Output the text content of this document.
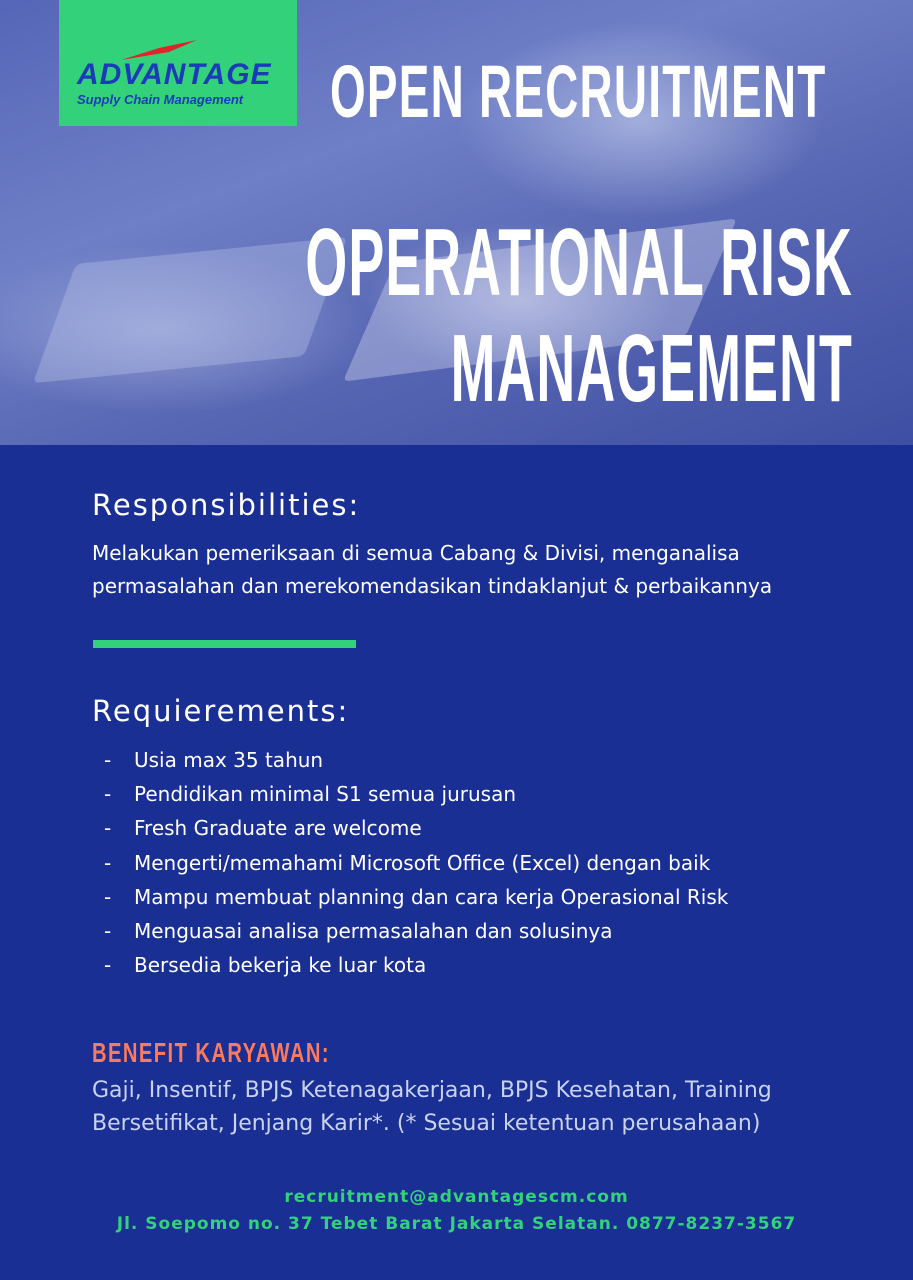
ADVANTAGE
Supply Chain Management OPEN RECRUITMENT
OPERATIONAL RISK
MANAGEMENT
Responsibilities:
Melakukan pemeriksaan di semua Cabang & Divisi, menganalisa permasalahan dan merekomendasikan tindaklanjut & perbaikannya
Requierements:
- Usia max 35 tahun
- Pendidikan minimal S1 semua jurusan
- Fresh Graduate are welcome
- Mengerti/memahami Microsoft Office (Excel) dengan baik
- Mampu membuat planning dan cara kerja Operasional Risk
- Menguasai analisa permasalahan dan solusinya
- Bersedia bekerja ke luar kota
BENEFIT KARYAWAN:
Gaji, Insentif, BPJS Ketenagakerjaan, BPJS Kesehatan, Training Bersetifikat, Jenjang Karir*. (* Sesuai ketentuan perusahaan)
recruitment@advantagescm.com
Jl. Soepomo no. 37 Tebet Barat Jakarta Selatan. 0877-8237-3567
